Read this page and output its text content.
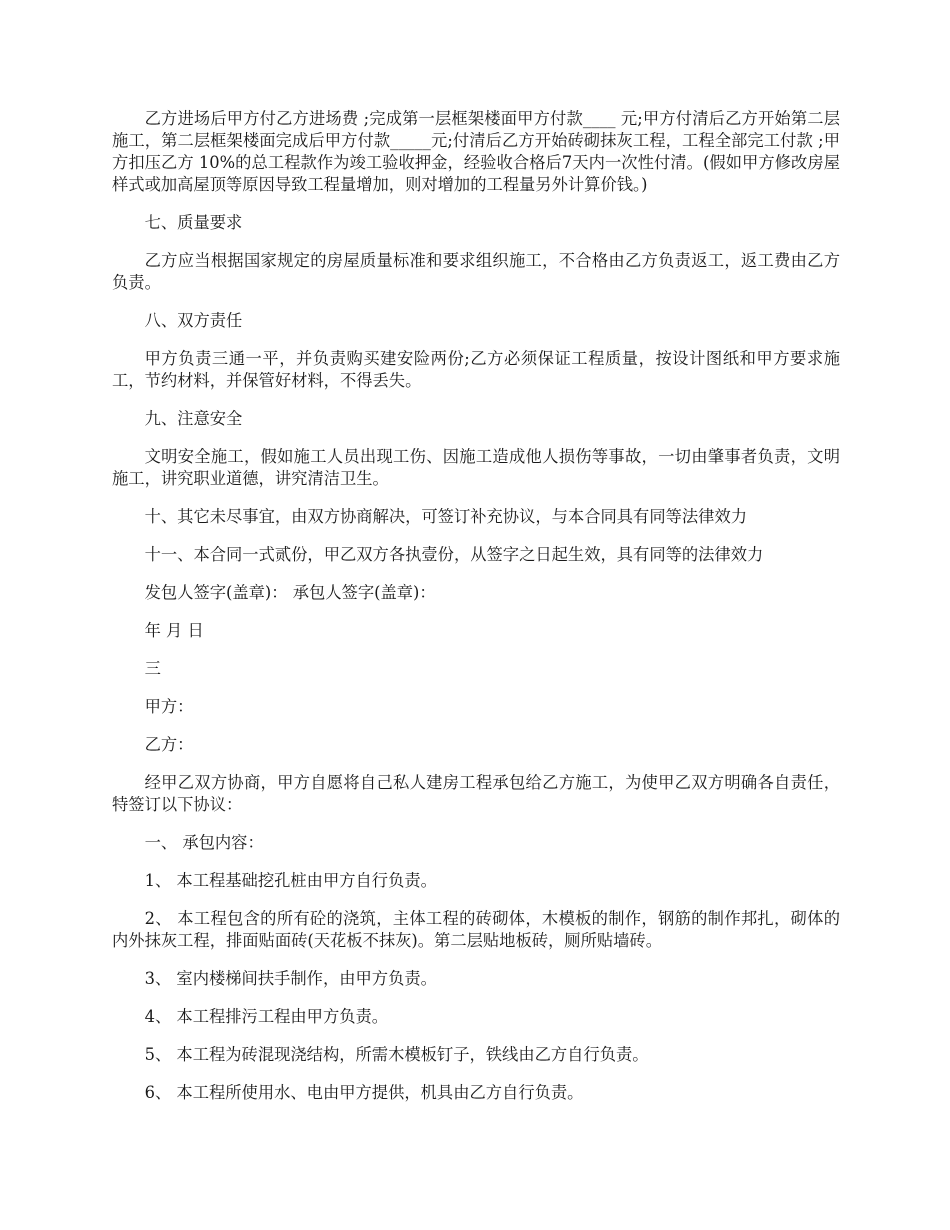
乙方进场后甲方付乙方进场费 ;完成第一层框架楼面甲方付款____ 元;甲方付清后乙方开始第二层施工，第二层框架楼面完成后甲方付款_____元;付清后乙方开始砖砌抹灰工程，工程全部完工付款 ;甲方扣压乙方 10%的总工程款作为竣工验收押金，经验收合格后7天内一次性付清。(假如甲方修改房屋样式或加高屋顶等原因导致工程量增加，则对增加的工程量另外计算价钱。)

七、质量要求

乙方应当根据国家规定的房屋质量标准和要求组织施工，不合格由乙方负责返工，返工费由乙方负责。

八、双方责任

甲方负责三通一平，并负责购买建安险两份;乙方必须保证工程质量，按设计图纸和甲方要求施工，节约材料，并保管好材料，不得丢失。

九、注意安全

文明安全施工，假如施工人员出现工伤、因施工造成他人损伤等事故，一切由肇事者负责，文明施工，讲究职业道德，讲究清洁卫生。

十、其它未尽事宜，由双方协商解决，可签订补充协议，与本合同具有同等法律效力

十一、本合同一式贰份，甲乙双方各执壹份，从签字之日起生效，具有同等的法律效力

发包人签字(盖章)： 承包人签字(盖章)：

年 月 日

三

甲方：

乙方：

经甲乙双方协商，甲方自愿将自己私人建房工程承包给乙方施工，为使甲乙双方明确各自责任，特签订以下协议：

一、 承包内容：

1、 本工程基础挖孔桩由甲方自行负责。

2、 本工程包含的所有砼的浇筑，主体工程的砖砌体，木模板的制作，钢筋的制作邦扎，砌体的内外抹灰工程，排面贴面砖(天花板不抹灰)。第二层贴地板砖，厕所贴墙砖。

3、 室内楼梯间扶手制作，由甲方负责。

4、 本工程排污工程由甲方负责。

5、 本工程为砖混现浇结构，所需木模板钉子，铁线由乙方自行负责。

6、 本工程所使用水、电由甲方提供，机具由乙方自行负责。
